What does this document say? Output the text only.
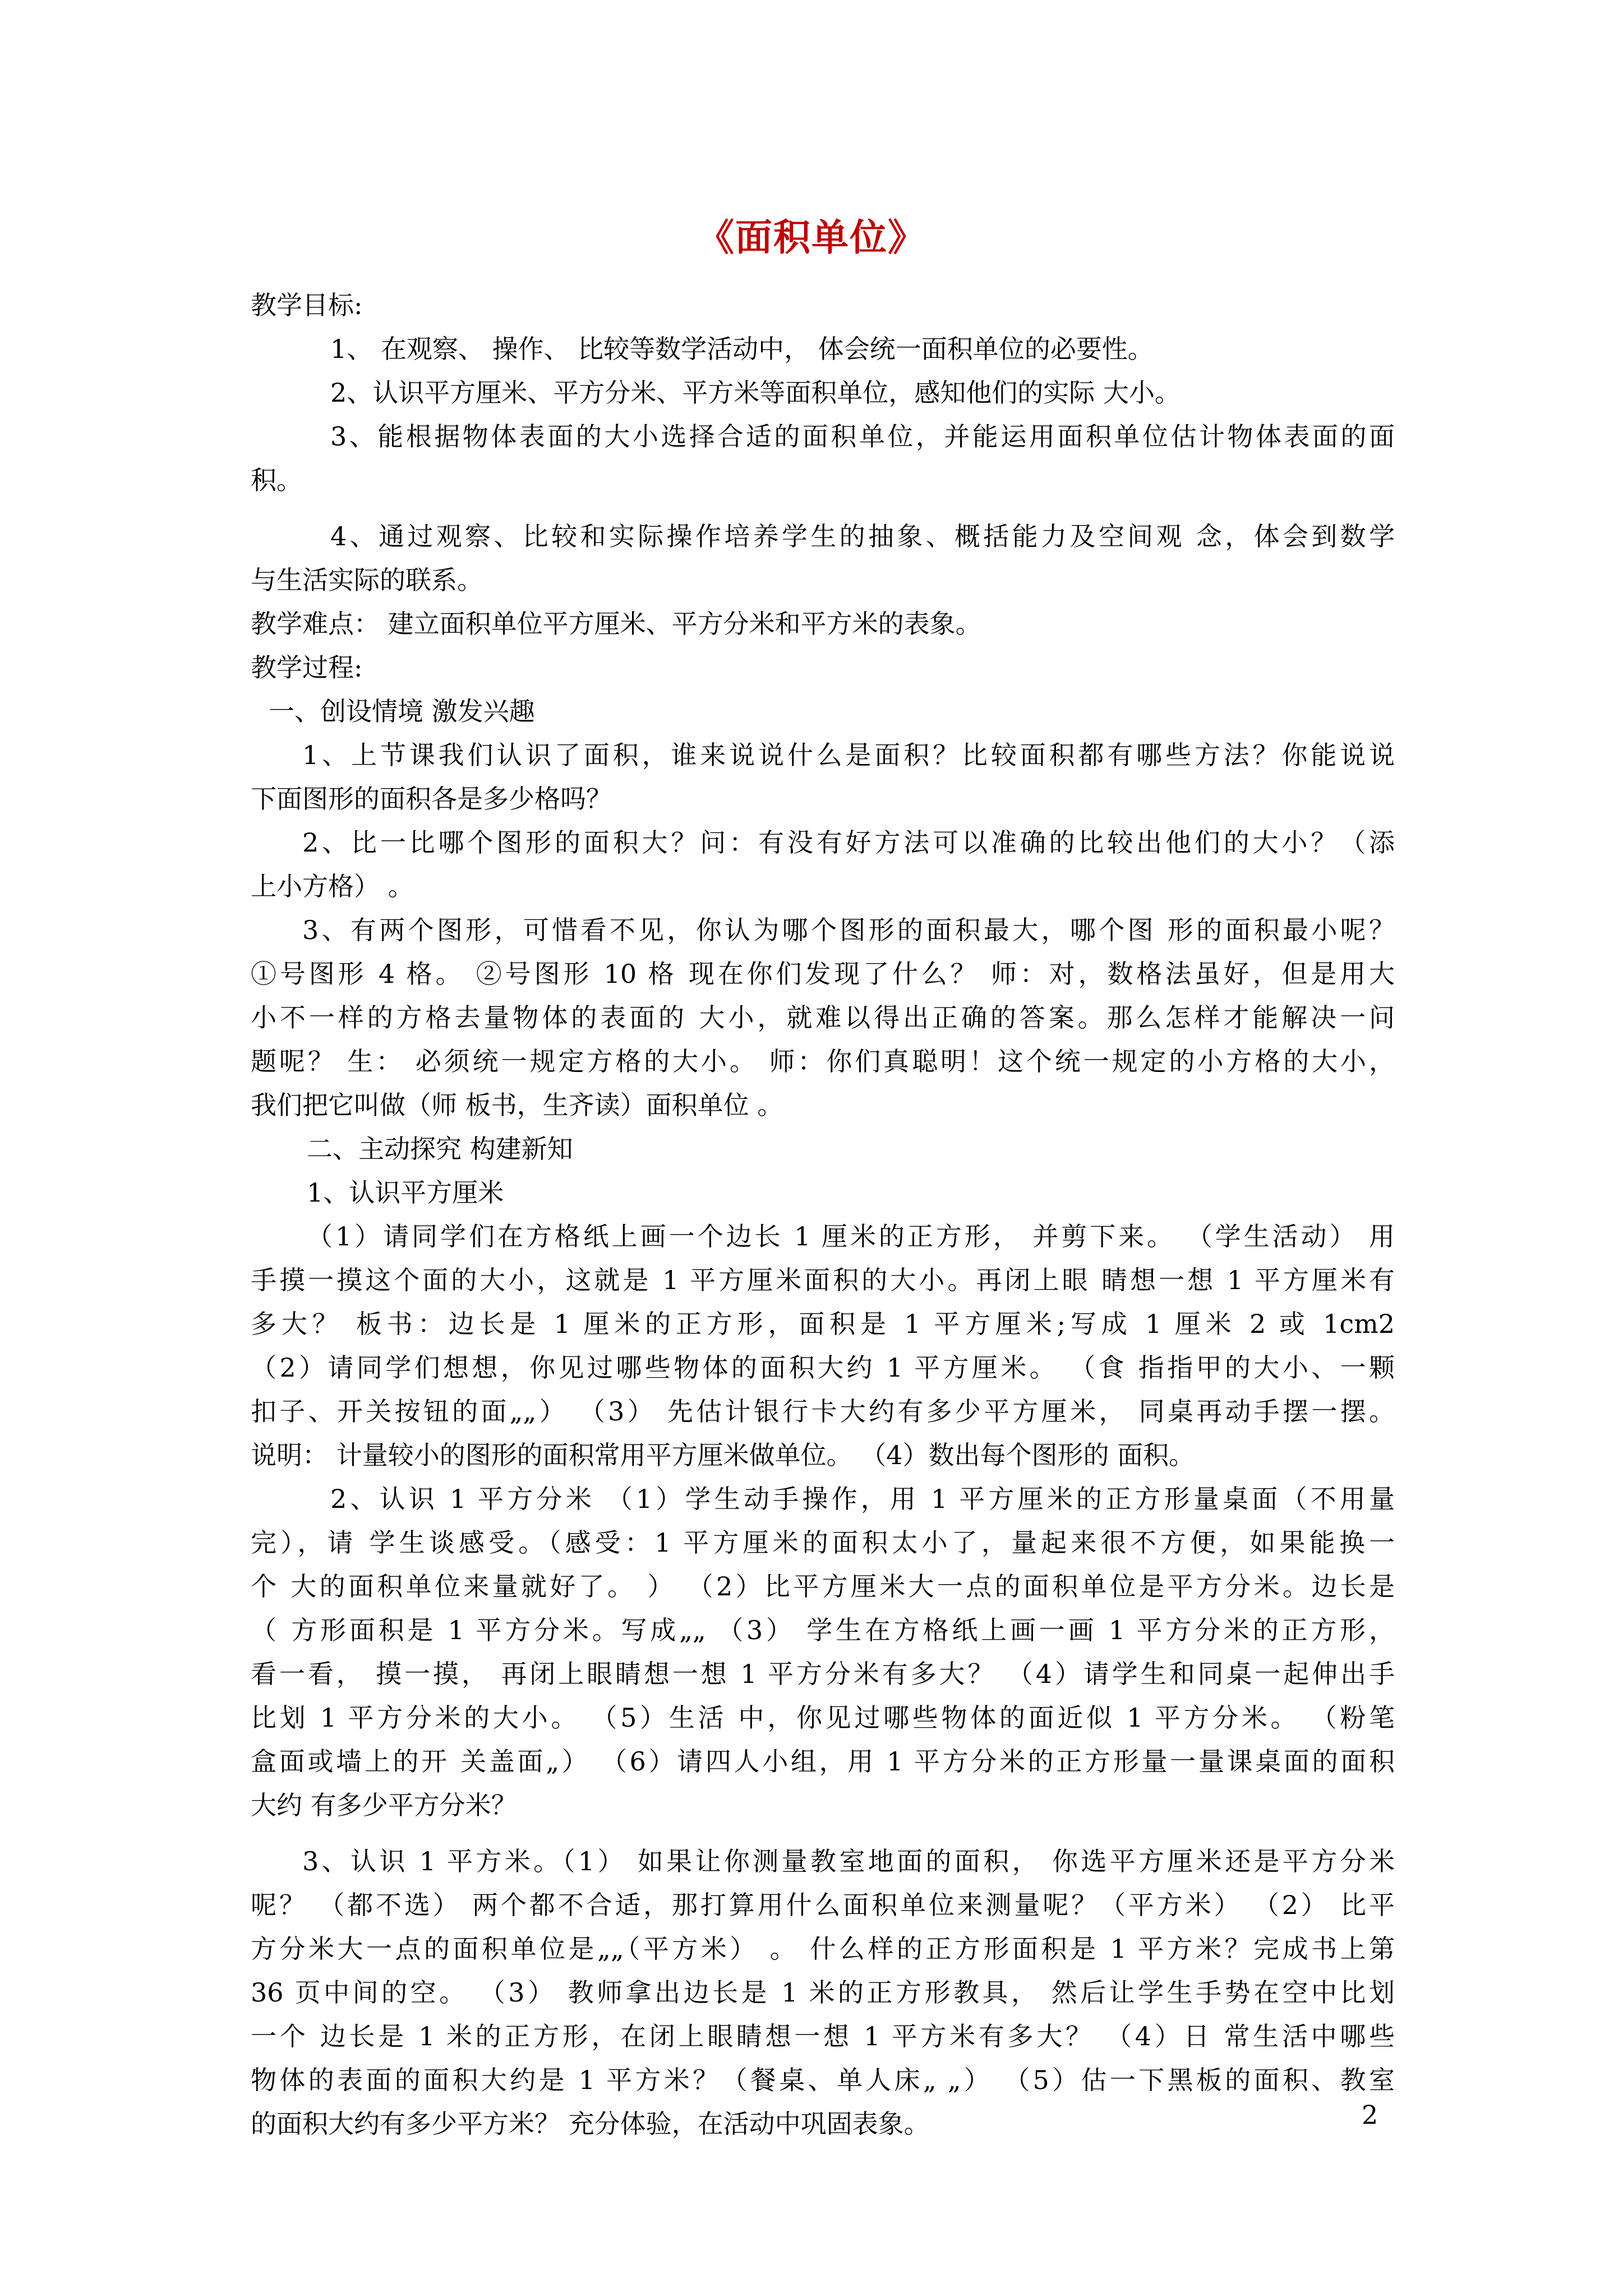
《面积单位》

教学目标:

1、 在观察、 操作、 比较等数学活动中， 体会统一面积单位的必要性。

2、认识平方厘米、平方分米、平方米等面积单位，感知他们的实际 大小。

3、能根据物体表面的大小选择合适的面积单位，并能运用面积单位估计物体表面的面

积。

4、通过观察、比较和实际操作培养学生的抽象、概括能力及空间观 念，体会到数学

与生活实际的联系。

教学难点： 建立面积单位平方厘米、平方分米和平方米的表象。

教学过程:

一、创设情境 激发兴趣

1、上节课我们认识了面积，谁来说说什么是面积？比较面积都有哪些方法？你能说说

下面图形的面积各是多少格吗？

2、比一比哪个图形的面积大？问：有没有好方法可以准确的比较出他们的大小？（添

上小方格） 。

3、有两个图形，可惜看不见，你认为哪个图形的面积最大，哪个图 形的面积最小呢？

①号图形 4 格。 ②号图形 10 格 现在你们发现了什么？ 师：对，数格法虽好，但是用大

小不一样的方格去量物体的表面的 大小，就难以得出正确的答案。那么怎样才能解决一问

题呢？ 生： 必须统一规定方格的大小。 师：你们真聪明！这个统一规定的小方格的大小，

我们把它叫做（师 板书，生齐读）面积单位 。

二、主动探究 构建新知

1、认识平方厘米

（1）请同学们在方格纸上画一个边长 1 厘米的正方形， 并剪下来。 （学生活动） 用

手摸一摸这个面的大小，这就是 1 平方厘米面积的大小。再闭上眼 睛想一想 1 平方厘米有

多大？ 板书：边长是 1 厘米的正方形，面积是 1 平方厘米;写成 1 厘米 2 或 1cm2

（2）请同学们想想，你见过哪些物体的面积大约 1 平方厘米。 （食 指指甲的大小、一颗

扣子、开关按钮的面„„） （3） 先估计银行卡大约有多少平方厘米， 同桌再动手摆一摆。

说明： 计量较小的图形的面积常用平方厘米做单位。 （4）数出每个图形的 面积。

2、认识 1 平方分米 （1）学生动手操作，用 1 平方厘米的正方形量桌面（不用量

完），请 学生谈感受。（感受：1 平方厘米的面积太小了，量起来很不方便，如果能换一

个 大的面积单位来量就好了。 ） （2）比平方厘米大一点的面积单位是平方分米。边长是

（ 方形面积是 1 平方分米。写成„„ （3） 学生在方格纸上画一画 1 平方分米的正方形，

看一看， 摸一摸， 再闭上眼睛想一想 1 平方分米有多大？ （4）请学生和同桌一起伸出手

比划 1 平方分米的大小。 （5）生活 中，你见过哪些物体的面近似 1 平方分米。 （粉笔

盒面或墙上的开 关盖面„） （6）请四人小组，用 1 平方分米的正方形量一量课桌面的面积

大约 有多少平方分米？

3、认识 1 平方米。（1） 如果让你测量教室地面的面积， 你选平方厘米还是平方分米

呢？ （都不选） 两个都不合适，那打算用什么面积单位来测量呢？（平方米） （2） 比平

方分米大一点的面积单位是„„（平方米） 。 什么样的正方形面积是 1 平方米？完成书上第

36 页中间的空。 （3） 教师拿出边长是 1 米的正方形教具， 然后让学生手势在空中比划

一个 边长是 1 米的正方形，在闭上眼睛想一想 1 平方米有多大？ （4）日 常生活中哪些

物体的表面的面积大约是 1 平方米？（餐桌、单人床„ „） （5）估一下黑板的面积、教室

的面积大约有多少平方米？ 充分体验，在活动中巩固表象。	2
